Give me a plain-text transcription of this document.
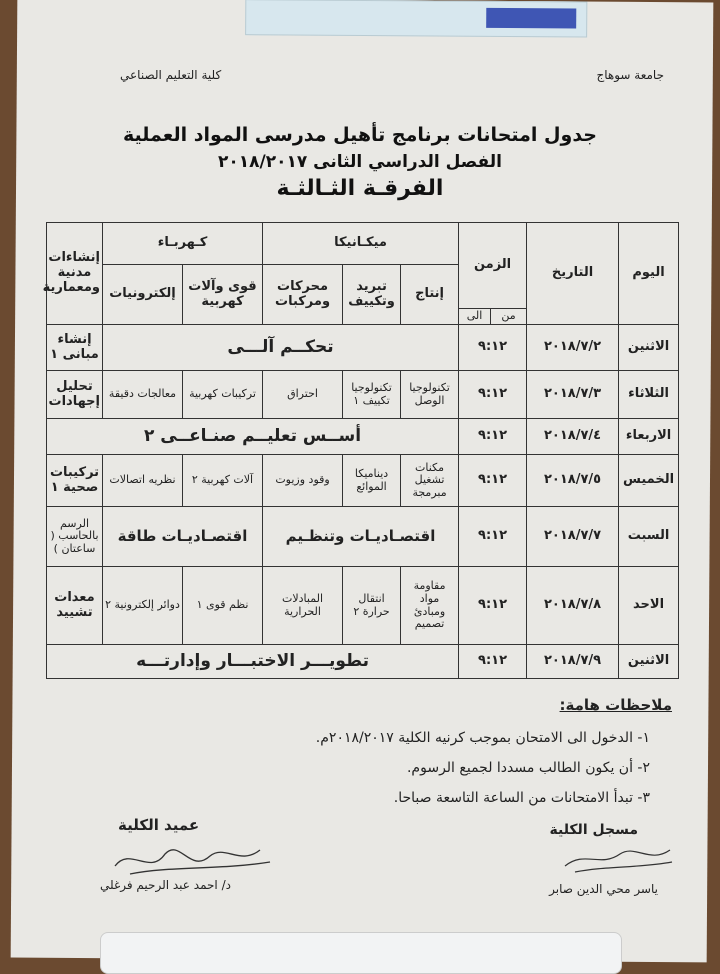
جامعة سوهاج
كلية التعليم الصناعي
جدول امتحانات برنامج تأهيل مدرسى المواد العملية
الفصل الدراسي الثانى ٢٠١٨/٢٠١٧
الفرقـة الثـالثـة
اليوم	التاريخ	الزمن		ميكـانيكا			كـهربـاء		إنشاءات مدنية ومعمارية
				إنتاج	تبريد وتكييف	محركات ومركبات	قوى وآلات كهربية	إلكترونيات	
		من	الى						
الاثنين	٢٠١٨/٧/٢	٩:١٢		تحكــم آلـــى					إنشاء مبانى ١
الثلاثاء	٢٠١٨/٧/٣	٩:١٢		تكنولوجيا الوصل	تكنولوجيا تكييف ١	احتراق	تركيبات كهربية	معالجات دقيقة	تحليل إجهادات
الاربعاء	٢٠١٨/٧/٤	٩:١٢		أســس تعليــم صنـاعــى ٢					
الخميس	٢٠١٨/٧/٥	٩:١٢		مكنات تشغيل مبرمجة	ديناميكا الموائع	وقود وزيوت	آلات كهربية ٢	نظريه اتصالات	تركيبات صحية ١
السبت	٢٠١٨/٧/٧	٩:١٢		اقتصـاديـات وتنظـيم			اقتصـاديـات طاقة		الرسم بالحاسب ( ساعتان )
الاحد	٢٠١٨/٧/٨	٩:١٢		مقاومة مواد ومبادئ تصميم	انتقال حرارة ٢	المبادلات الحرارية	نظم قوى ١	دوائر إلكترونية ٢	معدات تشييد
الاثنين	٢٠١٨/٧/٩	٩:١٢		تطويـــر الاختبـــار وإدارتـــه					
ملاحظات هامة:
١- الدخول الى الامتحان بموجب كرنيه الكلية ٢٠١٨/٢٠١٧م.
٢- أن يكون الطالب مسددا لجميع الرسوم.
٣- تبدأ الامتحانات من الساعة التاسعة صباحا.
عميد الكلية	مسجل الكلية
د/ احمد عبد الرحيم فرغلي	ياسر محي الدين صابر
